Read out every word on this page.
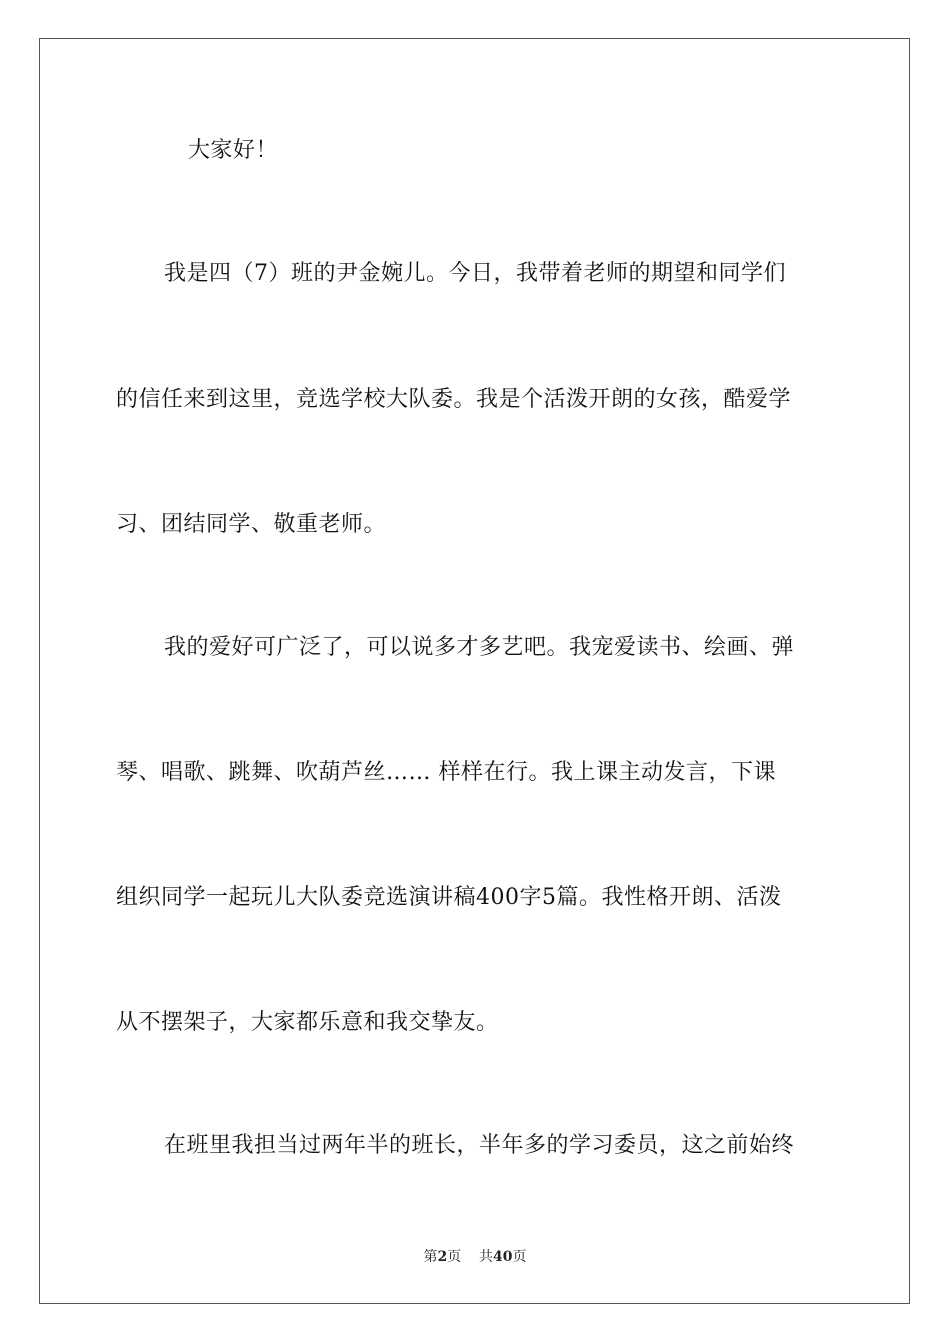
大家好！
我是四（7）班的尹金婉儿。今日，我带着老师的期望和同学们
的信任来到这里，竞选学校大队委。我是个活泼开朗的女孩，酷爱学
习、团结同学、敬重老师。
我的爱好可广泛了，可以说多才多艺吧。我宠爱读书、绘画、弹
琴、唱歌、跳舞、吹葫芦丝…… 样样在行。我上课主动发言，下课
组织同学一起玩儿大队委竞选演讲稿400字5篇。我性格开朗、活泼
从不摆架子，大家都乐意和我交挚友。
在班里我担当过两年半的班长，半年多的学习委员，这之前始终
第2页 共40页
